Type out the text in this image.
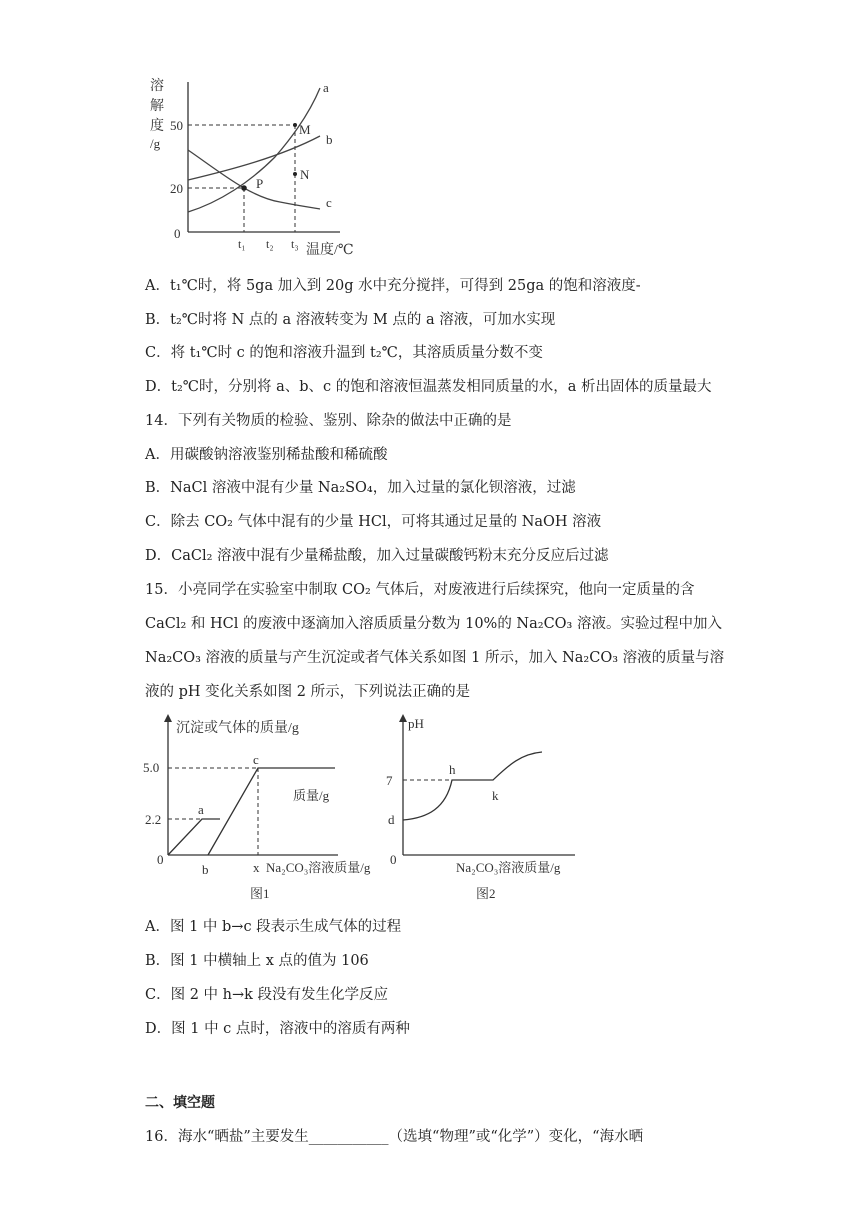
溶
解
度
/g
50
20
0
a
b
c
M
N
P
t₁ t₂ t₃ 温度/℃
A．t₁℃时，将 5ga 加入到 20g 水中充分搅拌，可得到 25ga 的饱和溶液度-
B．t₂℃时将 N 点的 a 溶液转变为 M 点的 a 溶液，可加水实现
C．将 t₁℃时 c 的饱和溶液升温到 t₂℃，其溶质质量分数不变
D．t₂℃时，分别将 a、b、c 的饱和溶液恒温蒸发相同质量的水，a 析出固体的质量最大
14．下列有关物质的检验、鉴别、除杂的做法中正确的是
A．用碳酸钠溶液鉴别稀盐酸和稀硫酸
B．NaCl 溶液中混有少量 Na₂SO₄，加入过量的氯化钡溶液，过滤
C．除去 CO₂ 气体中混有的少量 HCl，可将其通过足量的 NaOH 溶液
D．CaCl₂ 溶液中混有少量稀盐酸，加入过量碳酸钙粉末充分反应后过滤
15．小亮同学在实验室中制取 CO₂ 气体后，对废液进行后续探究，他向一定质量的含
CaCl₂ 和 HCl 的废液中逐滴加入溶质质量分数为 10%的 Na₂CO₃ 溶液。实验过程中加入
Na₂CO₃ 溶液的质量与产生沉淀或者气体关系如图 1 所示，加入 Na₂CO₃ 溶液的质量与溶
液的 pH 变化关系如图 2 所示，下列说法正确的是
沉淀或气体的质量/g
5.0
2.2
0
a
b
c
x
质量/g
Na₂CO₃溶液质量/g
图1
pH
7
d
0
h
k
Na₂CO₃溶液质量/g
图2
A．图 1 中 b→c 段表示生成气体的过程
B．图 1 中横轴上 x 点的值为 106
C．图 2 中 h→k 段没有发生化学反应
D．图 1 中 c 点时，溶液中的溶质有两种
二、填空题
16．海水“晒盐”主要发生___________（选填“物理”或“化学”）变化，“海水晒
